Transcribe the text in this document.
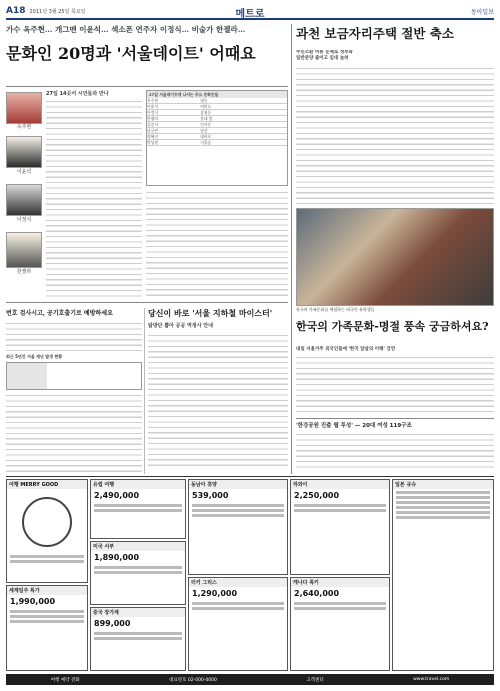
A18 2011년 3월 25일 목요일	메트로	동아일보
가수 옥주현… 개그맨 이윤석… 섹소폰 연주자 이정식… 비술가 한젤라…
문화인 20명과 '서울데이트' 어때요
옥주현
이윤석
이정식
한젤라
27일 14곳서 시민들과 만나	27일 서울데이트에 나서는 주요 문화인들
옥주현	명동
이윤석	여의도
이정식	삼청동
한젤라	홍대 앞
김종서	인사동
남궁연	남산
장혜진	대학로
박상원	서울숲
번호 검사시고, 공기호출기로 예방하세요
최근 5년간 서울 재난 발생 현황
당신이 바로 '서울 지하철 마이스터'
탐방단 뽑아 공공 역정사 안내
과천 보금자리주택 절반 축소
주민소환 비용 문제로 정부와 일반분양 줄이고 임대 늘려
한국의 가족문화를 체험하는 외국인 유학생들
한국의 가족문화-명절 풍속 궁금하셔요?
내일 서울거주 외국인들에 '한국 알살의 이해' 강연
'한강공원 진출 웹 투성' — 20대 여성 119구조
여행 MERRY GOOD
세계일주 특가
1,990,000
유럽 여행
2,490,000
미국 서부
1,890,000
중국 장가계
899,000
동남아 휴양
539,000
터키 그리스
1,290,000
하와이
2,250,000
캐나다 록키
2,640,000
일본 규슈
여행 예약 전화	대표번호 02-000-0000	고객센터	www.travel.com
